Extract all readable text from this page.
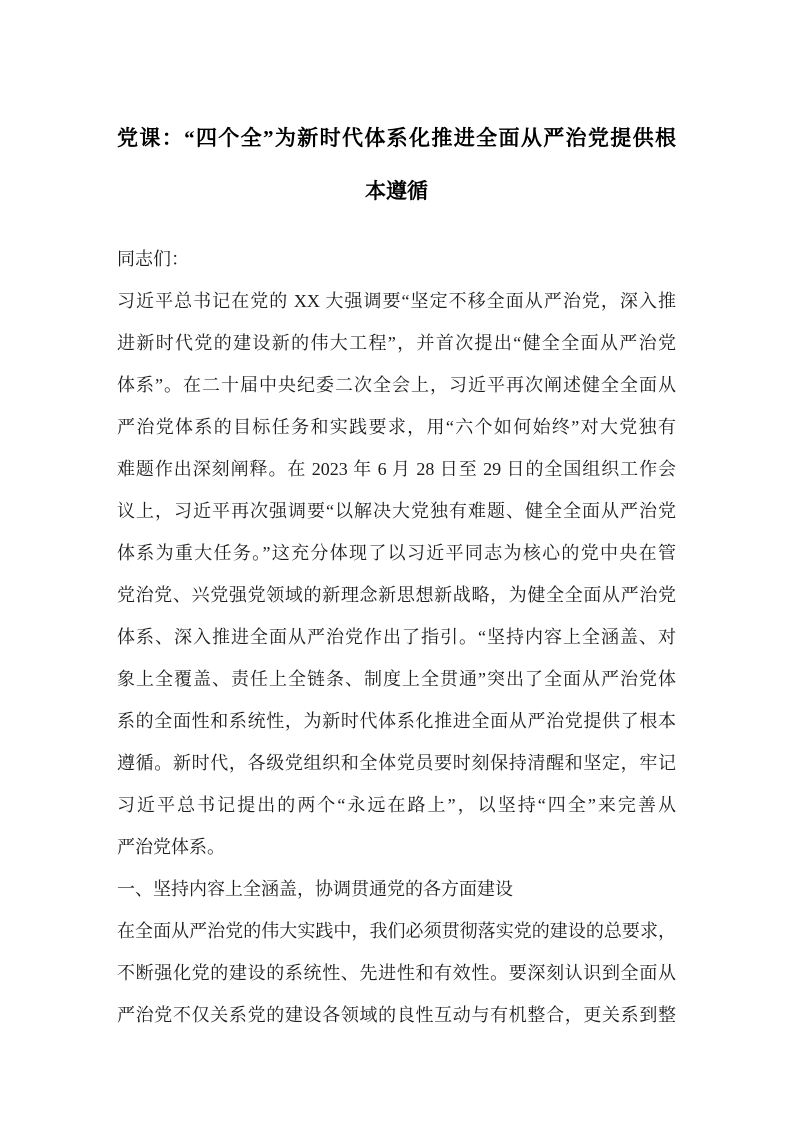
党课：“四个全”为新时代体系化推进全面从严治党提供根
本遵循
同志们：
习近平总书记在党的 XX 大强调要“坚定不移全面从严治党，深入推
进新时代党的建设新的伟大工程”，并首次提出“健全全面从严治党
体系”。在二十届中央纪委二次全会上，习近平再次阐述健全全面从
严治党体系的目标任务和实践要求，用“六个如何始终”对大党独有
难题作出深刻阐释。在 2023 年 6 月 28 日至 29 日的全国组织工作会
议上，习近平再次强调要“以解决大党独有难题、健全全面从严治党
体系为重大任务。”这充分体现了以习近平同志为核心的党中央在管
党治党、兴党强党领域的新理念新思想新战略，为健全全面从严治党
体系、深入推进全面从严治党作出了指引。“坚持内容上全涵盖、对
象上全覆盖、责任上全链条、制度上全贯通”突出了全面从严治党体
系的全面性和系统性，为新时代体系化推进全面从严治党提供了根本
遵循。新时代，各级党组织和全体党员要时刻保持清醒和坚定，牢记
习近平总书记提出的两个“永远在路上”，以坚持“四全”来完善从
严治党体系。
一、坚持内容上全涵盖，协调贯通党的各方面建设
在全面从严治党的伟大实践中，我们必须贯彻落实党的建设的总要求，
不断强化党的建设的系统性、先进性和有效性。要深刻认识到全面从
严治党不仅关系党的建设各领域的良性互动与有机整合，更关系到整
